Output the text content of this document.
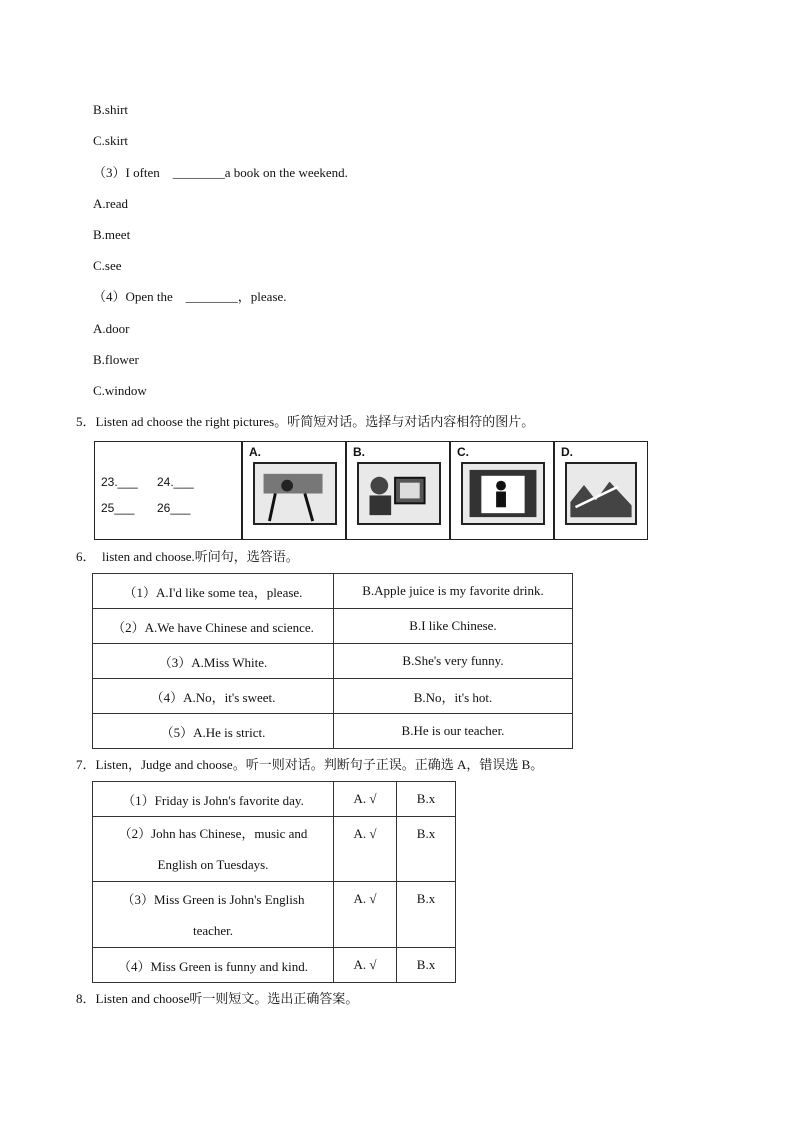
B.shirt
C.skirt
（3）I often    ________a book on the weekend.
A.read
B.meet
C.see
（4）Open the    ________，please.
A.door
B.flower
C.window
5．Listen ad choose the right pictures。听简短对话。选择与对话内容相符的图片。
23.___ 24.___
25___ 26___
A.	B.	C.	D.
6．  listen and choose.听问句，选答语。
（1）A.I'd like some tea，please.	B.Apple juice is my favorite drink.
（2）A.We have Chinese and science.	B.I like Chinese.
（3）A.Miss White.	B.She's very funny.
（4）A.No，it's sweet.	B.No，it's hot.
（5）A.He is strict.	B.He is our teacher.
7．Listen，Judge and choose。听一则对话。判断句子正误。正确选 A，错误选 B。
（1）Friday is John's favorite day.	A. √	B.x
（2）John has Chinese，music and
English on Tuesdays.	A. √	B.x
（3）Miss Green is John's English
teacher.	A. √	B.x
（4）Miss Green is funny and kind.	A. √	B.x
8．Listen and choose听一则短文。选出正确答案。
